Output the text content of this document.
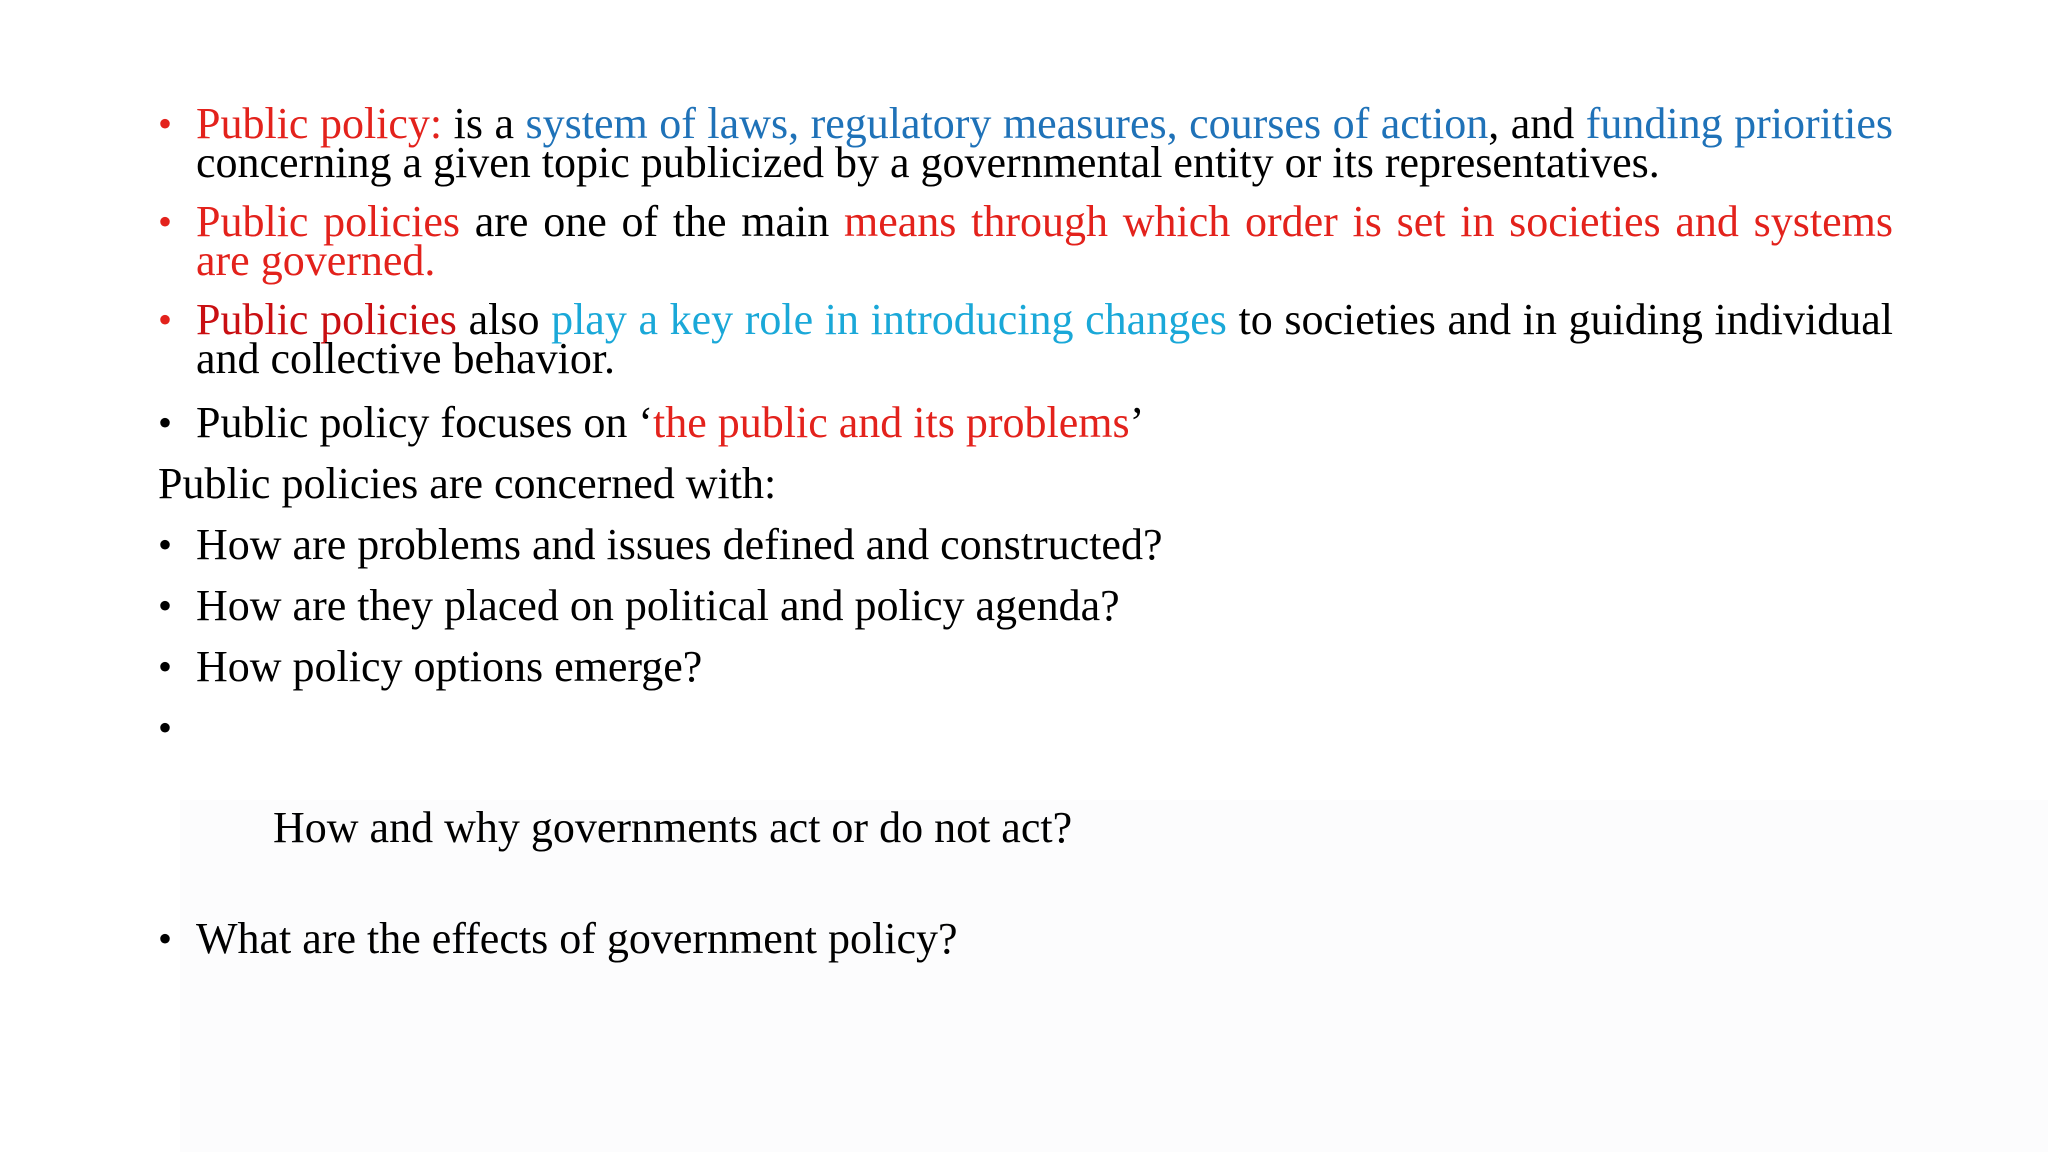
• Public policy: is a system of laws, regulatory measures, courses of action, and funding priorities concerning a given topic publicized by a governmental entity or its representatives.
• Public policies are one of the main means through which order is set in societies and systems are governed.
• Public policies also play a key role in introducing changes to societies and in guiding individual and collective behavior.
• Public policy focuses on ‘the public and its problems’
Public policies are concerned with:
• How are problems and issues defined and constructed?
• How are they placed on political and policy agenda?
• How policy options emerge?

•

How and why governments act or do not act?

• What are the effects of government policy?
